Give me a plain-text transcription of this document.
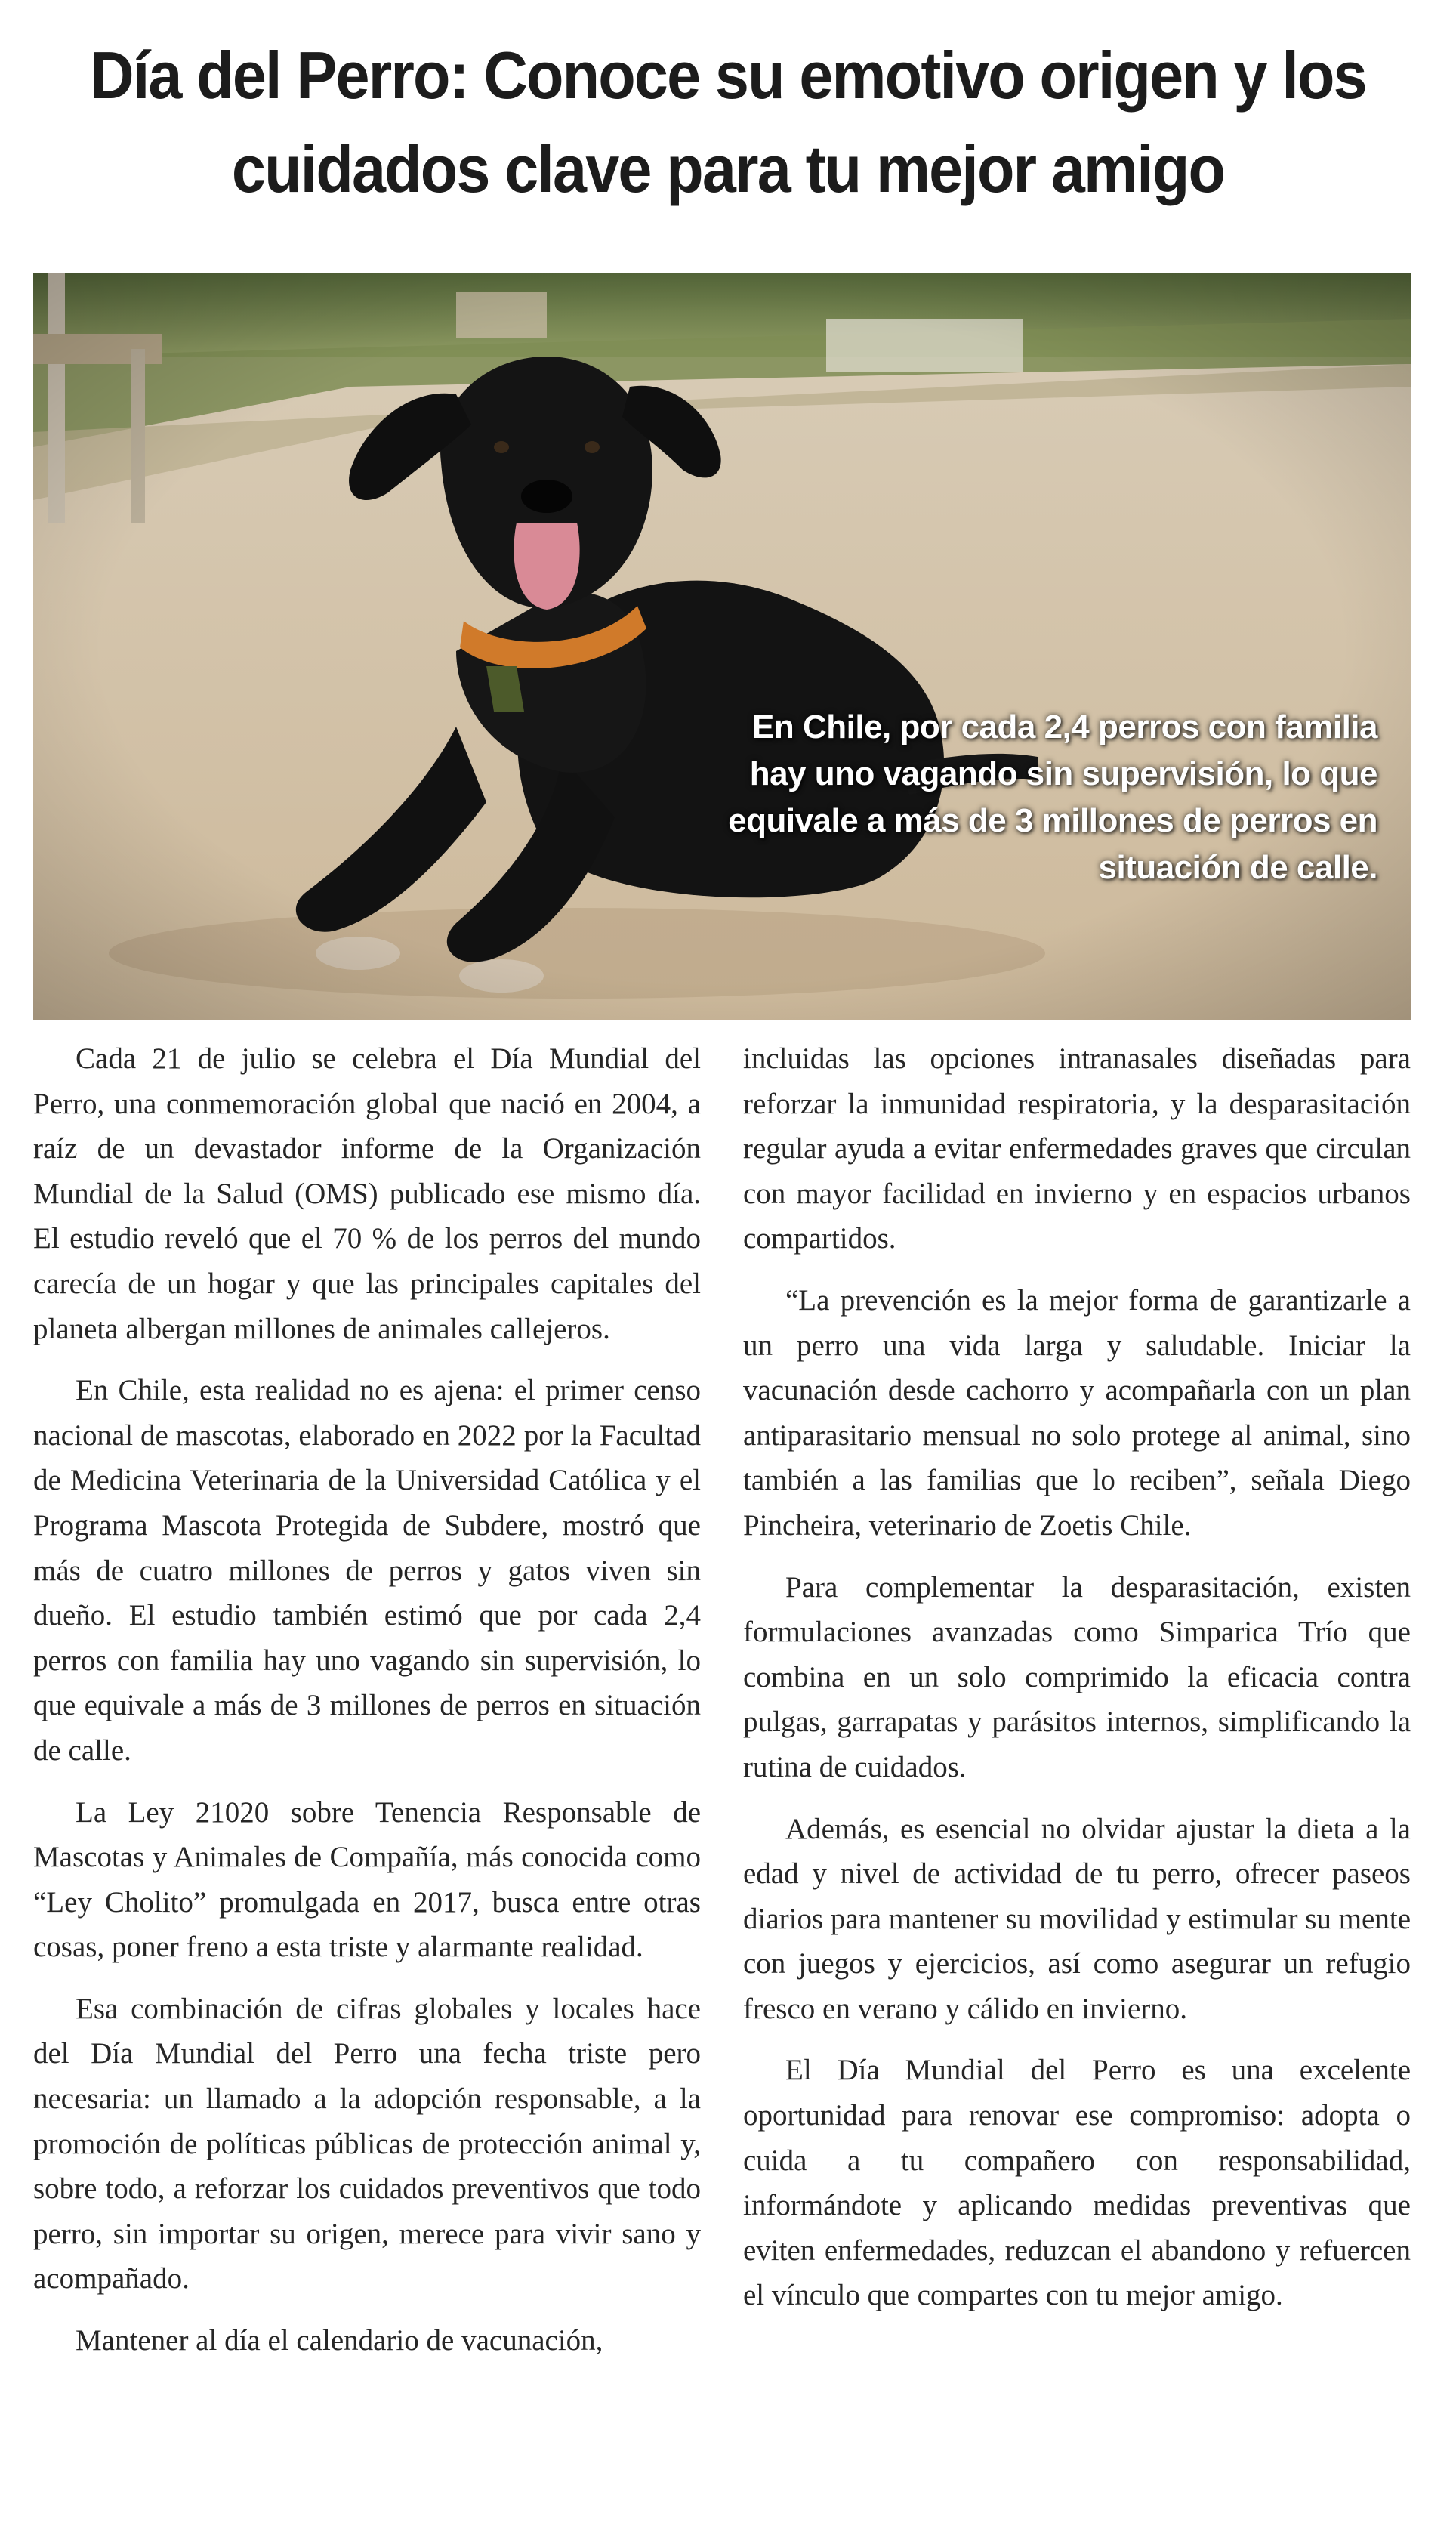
Día del Perro: Conoce su emotivo origen y los cuidados clave para tu mejor amigo

En Chile, por cada 2,4 perros con familia hay uno vagando sin supervisión, lo que equivale a más de 3 millones de perros en situación de calle.

Cada 21 de julio se celebra el Día Mundial del Perro, una conmemoración global que nació en 2004, a raíz de un devastador informe de la Organización Mundial de la Salud (OMS) publicado ese mismo día. El estudio reveló que el 70 % de los perros del mundo carecía de un hogar y que las principales capitales del planeta albergan millones de animales callejeros.

En Chile, esta realidad no es ajena: el primer censo nacional de mascotas, elaborado en 2022 por la Facultad de Medicina Veterinaria de la Universidad Católica y el Programa Mascota Protegida de Subdere, mostró que más de cuatro millones de perros y gatos viven sin dueño. El estudio también estimó que por cada 2,4 perros con familia hay uno vagando sin supervisión, lo que equivale a más de 3 millones de perros en situación de calle.

La Ley 21020 sobre Tenencia Responsable de Mascotas y Animales de Compañía, más conocida como “Ley Cholito” promulgada en 2017, busca entre otras cosas, poner freno a esta triste y alarmante realidad.

Esa combinación de cifras globales y locales hace del Día Mundial del Perro una fecha triste pero necesaria: un llamado a la adopción responsable, a la promoción de políticas públicas de protección animal y, sobre todo, a reforzar los cuidados preventivos que todo perro, sin importar su origen, merece para vivir sano y acompañado.

Mantener al día el calendario de vacunación,

incluidas las opciones intranasales diseñadas para reforzar la inmunidad respiratoria, y la desparasitación regular ayuda a evitar enfermedades graves que circulan con mayor facilidad en invierno y en espacios urbanos compartidos.

“La prevención es la mejor forma de garantizarle a un perro una vida larga y saludable. Iniciar la vacunación desde cachorro y acompañarla con un plan antiparasitario mensual no solo protege al animal, sino también a las familias que lo reciben”, señala Diego Pincheira, veterinario de Zoetis Chile.

Para complementar la desparasitación, existen formulaciones avanzadas como Simparica Trío que combina en un solo comprimido la eficacia contra pulgas, garrapatas y parásitos internos, simplificando la rutina de cuidados.

Además, es esencial no olvidar ajustar la dieta a la edad y nivel de actividad de tu perro, ofrecer paseos diarios para mantener su movilidad y estimular su mente con juegos y ejercicios, así como asegurar un refugio fresco en verano y cálido en invierno.

El Día Mundial del Perro es una excelente oportunidad para renovar ese compromiso: adopta o cuida a tu compañero con responsabilidad, informándote y aplicando medidas preventivas que eviten enfermedades, reduzcan el abandono y refuercen el vínculo que compartes con tu mejor amigo.
